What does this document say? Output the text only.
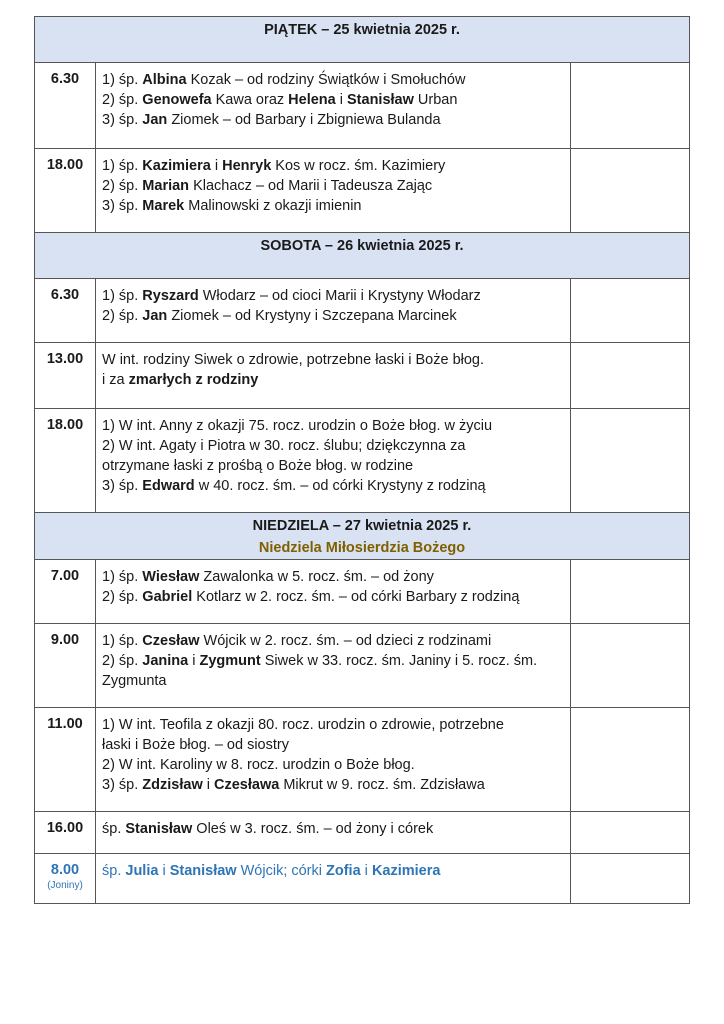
PIĄTEK – 25 kwietnia 2025 r.		

6.30	1) śp. Albina Kozak – od rodziny Świątków i Smołuchów
2) śp. Genowefa Kawa oraz Helena i Stanisław Urban
3) śp. Jan Ziomek – od Barbary i Zbigniewa Bulanda	

18.00	1) śp. Kazimiera i Henryk Kos w rocz. śm. Kazimiery
2) śp. Marian Klachacz – od Marii i Tadeusza Zając
3) śp. Marek Malinowski z okazji imienin	

SOBOTA – 26 kwietnia 2025 r.		

6.30	1) śp. Ryszard Włodarz – od cioci Marii i Krystyny Włodarz
2) śp. Jan Ziomek – od Krystyny i Szczepana Marcinek	

13.00	W int. rodziny Siwek o zdrowie, potrzebne łaski i Boże błog.
i za zmarłych z rodziny	

18.00	1) W int. Anny z okazji 75. rocz. urodzin o Boże błog. w życiu
2) W int. Agaty i Piotra w 30. rocz. ślubu; dziękczynna za
otrzymane łaski z prośbą o Boże błog. w rodzine
3) śp. Edward w 40. rocz. śm. – od córki Krystyny z rodziną	

NIEDZIELA – 27 kwietnia 2025 r.
Niedziela Miłosierdzia Bożego		

7.00	1) śp. Wiesław Zawalonka w 5. rocz. śm. – od żony
2) śp. Gabriel Kotlarz w 2. rocz. śm. – od córki Barbary z rodziną	

9.00	1) śp. Czesław Wójcik w 2. rocz. śm. – od dzieci z rodzinami
2) śp. Janina i Zygmunt Siwek w 33. rocz. śm. Janiny i 5. rocz. śm.
Zygmunta	

11.00	1) W int. Teofila z okazji 80. rocz. urodzin o zdrowie, potrzebne
łaski i Boże błog. – od siostry
2) W int. Karoliny w 8. rocz. urodzin o Boże błog.
3) śp. Zdzisław i Czesława Mikrut w 9. rocz. śm. Zdzisława	

16.00	śp. Stanisław Oleś w 3. rocz. śm. – od żony i córek	

8.00
(Joniny)	śp. Julia i Stanisław Wójcik; córki Zofia i Kazimiera	
